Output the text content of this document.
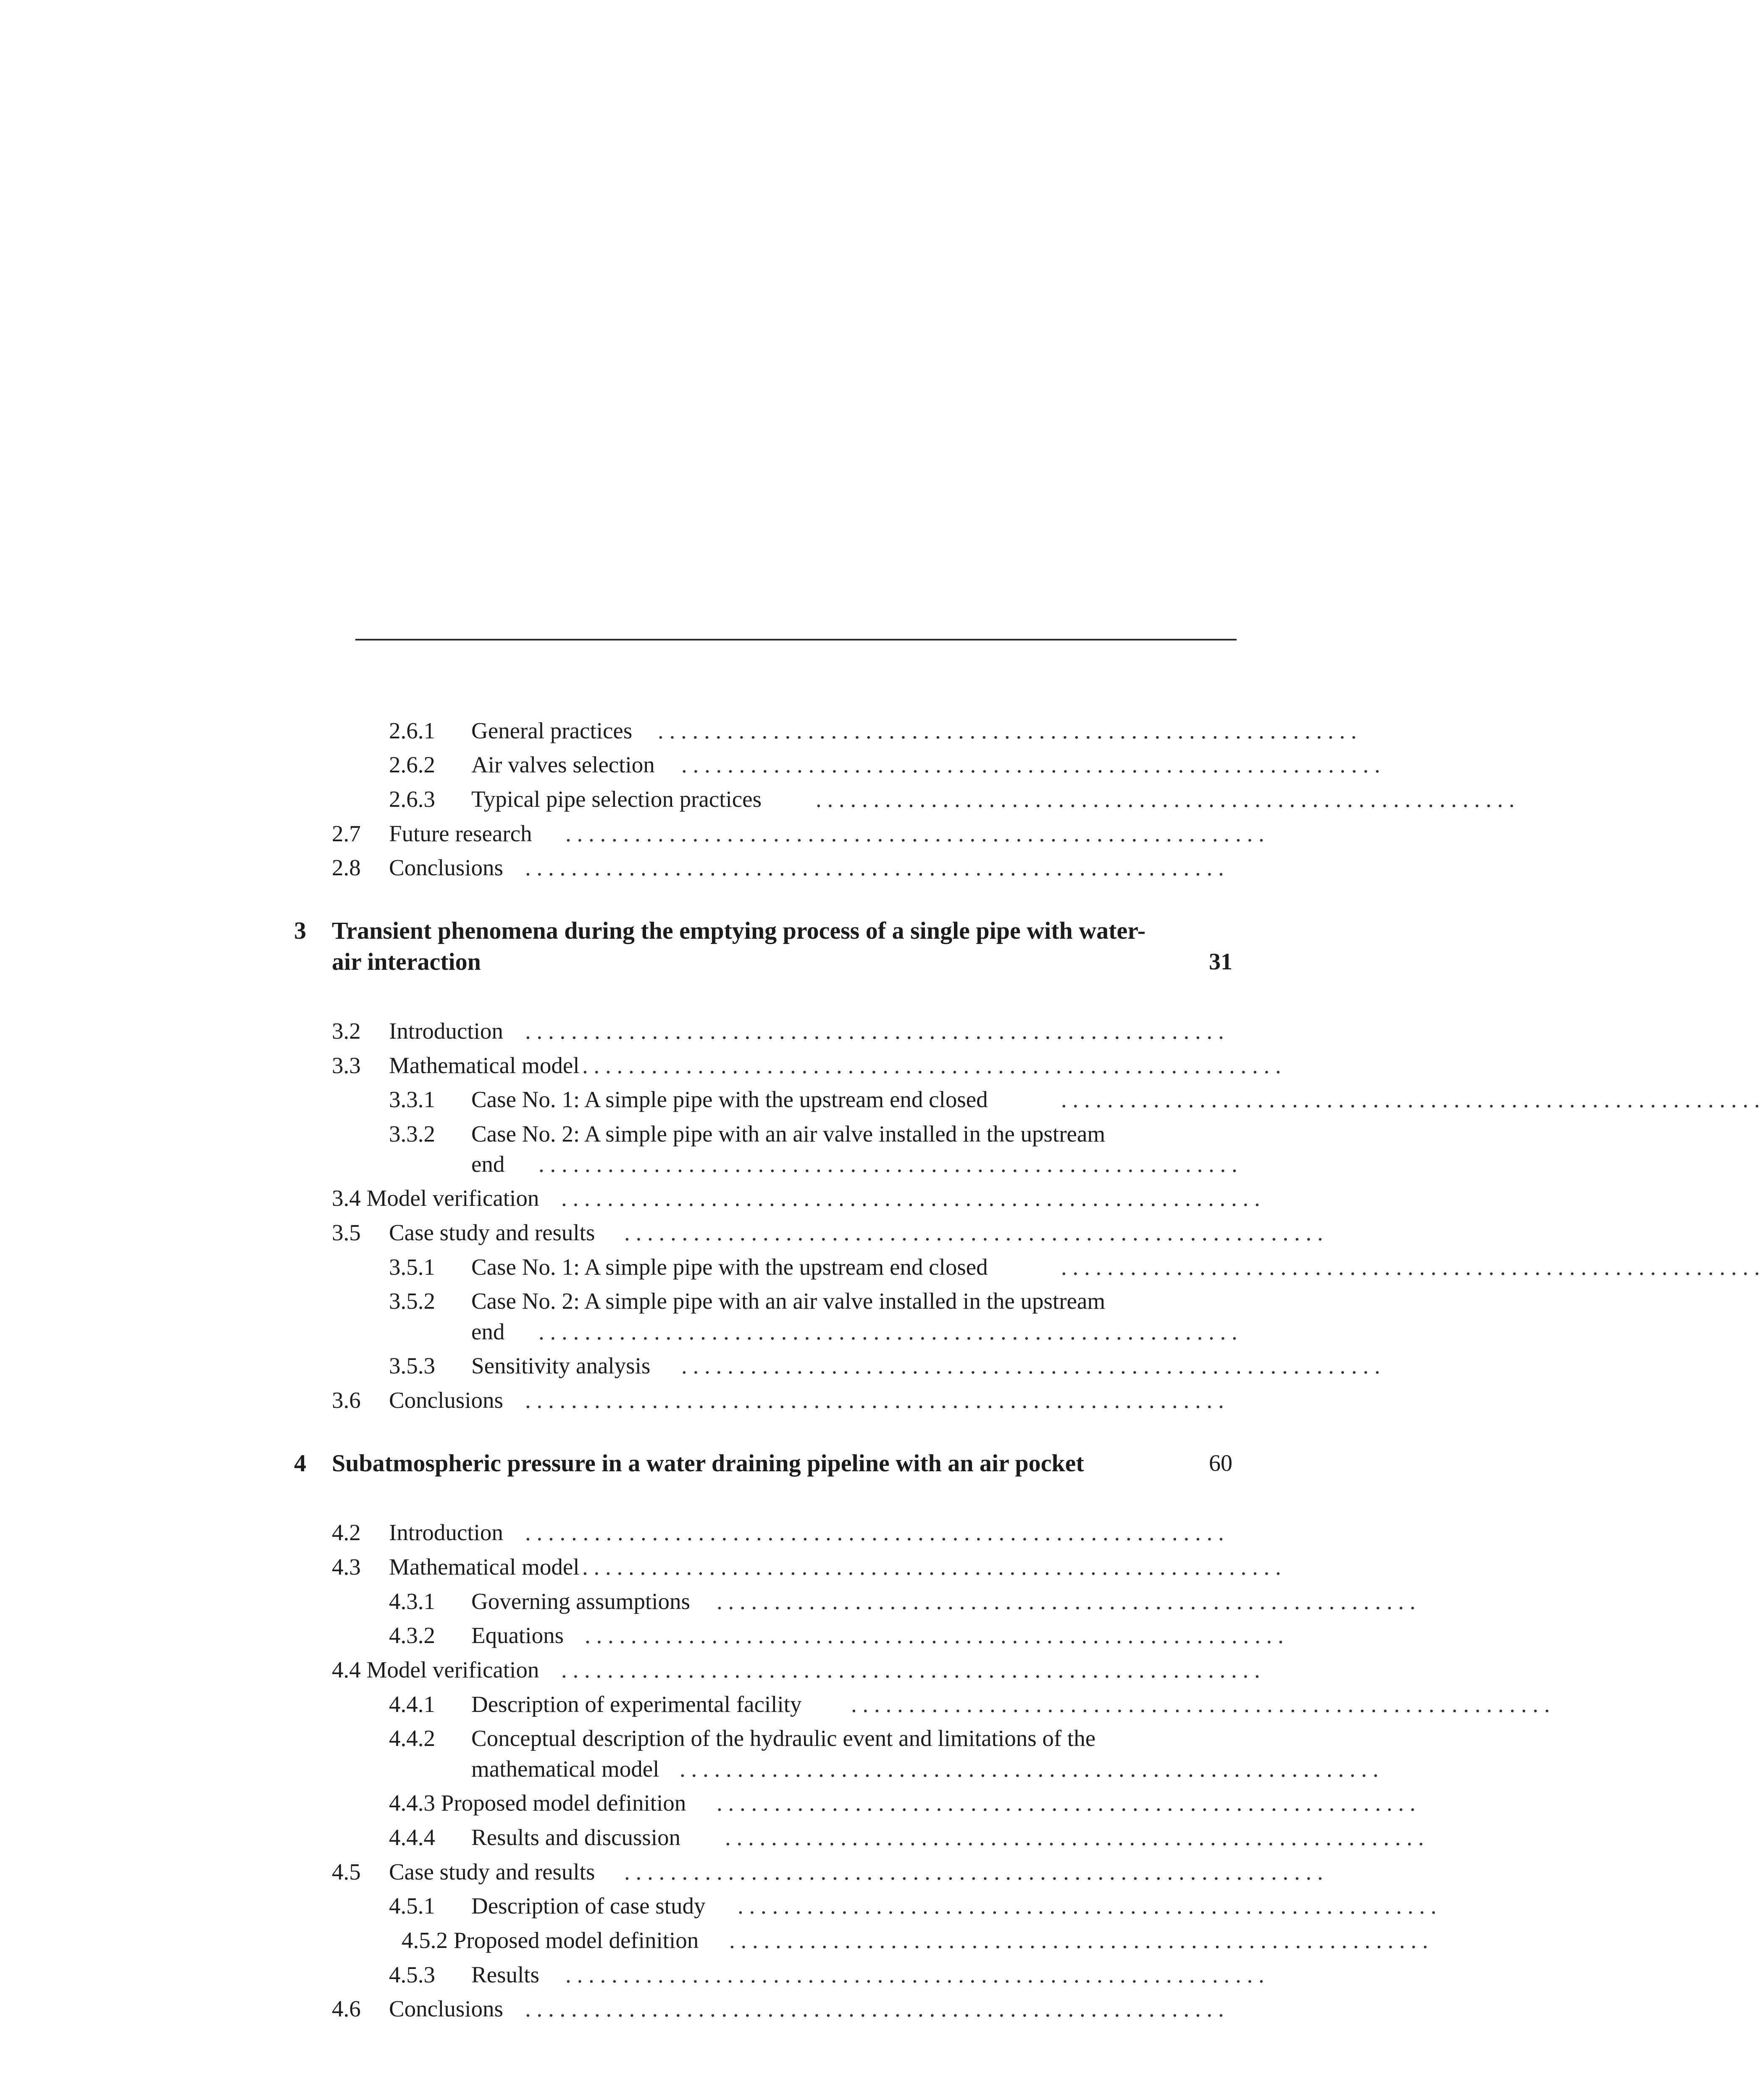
2.6.1 General practices . . . . . . . . . . . . . . . . . . . . . . . . . . . . . . . . . . . . . . . . . . . . . . . . . . . . . . . . . . . . .
2.6.2 Air valves selection . . . . . . . . . . . . . . . . . . . . . . . . . . . . . . . . . . . . . . . . . . . . . . . . . . . . . . . . . . . . .
2.6.3 Typical pipe selection practices . . . . . . . . . . . . . . . . . . . . . . . . . . . . . . . . . . . . . . . . . . . . . . . . . . . . . . . . . . . . .
2.7 Future research . . . . . . . . . . . . . . . . . . . . . . . . . . . . . . . . . . . . . . . . . . . . . . . . . . . . . . . . . . . . .
2.8 Conclusions . . . . . . . . . . . . . . . . . . . . . . . . . . . . . . . . . . . . . . . . . . . . . . . . . . . . . . . . . . . . .
3 Transient phenomena during the emptying process of a single pipe with water-
air interaction	31
3.2 Introduction . . . . . . . . . . . . . . . . . . . . . . . . . . . . . . . . . . . . . . . . . . . . . . . . . . . . . . . . . . . . .
3.3 Mathematical model . . . . . . . . . . . . . . . . . . . . . . . . . . . . . . . . . . . . . . . . . . . . . . . . . . . . . . . . . . . . .
3.3.1 Case No. 1: A simple pipe with the upstream end closed	. . . . . . . . . . . . . . . . . . . . . . . . . . . . . . . . . . . . . . . . . . . . . . . . . . . . . . . . . . . . .
3.3.2 Case No. 2: A simple pipe with an air valve installed in the upstream
end . . . . . . . . . . . . . . . . . . . . . . . . . . . . . . . . . . . . . . . . . . . . . . . . . . . . . . . . . . . . .
3.4 Model verification . . . . . . . . . . . . . . . . . . . . . . . . . . . . . . . . . . . . . . . . . . . . . . . . . . . . . . . . . . . . .
3.5 Case study and results . . . . . . . . . . . . . . . . . . . . . . . . . . . . . . . . . . . . . . . . . . . . . . . . . . . . . . . . . . . . .
3.5.1 Case No. 1: A simple pipe with the upstream end closed	. . . . . . . . . . . . . . . . . . . . . . . . . . . . . . . . . . . . . . . . . . . . . . . . . . . . . . . . . . . . .
3.5.2 Case No. 2: A simple pipe with an air valve installed in the upstream
end . . . . . . . . . . . . . . . . . . . . . . . . . . . . . . . . . . . . . . . . . . . . . . . . . . . . . . . . . . . . .
3.5.3 Sensitivity analysis . . . . . . . . . . . . . . . . . . . . . . . . . . . . . . . . . . . . . . . . . . . . . . . . . . . . . . . . . . . . .
3.6 Conclusions . . . . . . . . . . . . . . . . . . . . . . . . . . . . . . . . . . . . . . . . . . . . . . . . . . . . . . . . . . . . .
4 Subatmospheric pressure in a water draining pipeline with an air pocket	60
4.2 Introduction . . . . . . . . . . . . . . . . . . . . . . . . . . . . . . . . . . . . . . . . . . . . . . . . . . . . . . . . . . . . .
4.3 Mathematical model . . . . . . . . . . . . . . . . . . . . . . . . . . . . . . . . . . . . . . . . . . . . . . . . . . . . . . . . . . . . .
4.3.1 Governing assumptions . . . . . . . . . . . . . . . . . . . . . . . . . . . . . . . . . . . . . . . . . . . . . . . . . . . . . . . . . . . . .
4.3.2 Equations . . . . . . . . . . . . . . . . . . . . . . . . . . . . . . . . . . . . . . . . . . . . . . . . . . . . . . . . . . . . .
4.4 Model verification . . . . . . . . . . . . . . . . . . . . . . . . . . . . . . . . . . . . . . . . . . . . . . . . . . . . . . . . . . . . .
4.4.1 Description of experimental facility . . . . . . . . . . . . . . . . . . . . . . . . . . . . . . . . . . . . . . . . . . . . . . . . . . . . . . . . . . . . .
4.4.2 Conceptual description of the hydraulic event and limitations of the
mathematical model . . . . . . . . . . . . . . . . . . . . . . . . . . . . . . . . . . . . . . . . . . . . . . . . . . . . . . . . . . . . .
4.4.3 Proposed model definition . . . . . . . . . . . . . . . . . . . . . . . . . . . . . . . . . . . . . . . . . . . . . . . . . . . . . . . . . . . . .
4.4.4 Results and discussion . . . . . . . . . . . . . . . . . . . . . . . . . . . . . . . . . . . . . . . . . . . . . . . . . . . . . . . . . . . . .
4.5 Case study and results . . . . . . . . . . . . . . . . . . . . . . . . . . . . . . . . . . . . . . . . . . . . . . . . . . . . . . . . . . . . .
4.5.1 Description of case study . . . . . . . . . . . . . . . . . . . . . . . . . . . . . . . . . . . . . . . . . . . . . . . . . . . . . . . . . . . . .
4.5.2 Proposed model definition . . . . . . . . . . . . . . . . . . . . . . . . . . . . . . . . . . . . . . . . . . . . . . . . . . . . . . . . . . . . .
4.5.3 Results . . . . . . . . . . . . . . . . . . . . . . . . . . . . . . . . . . . . . . . . . . . . . . . . . . . . . . . . . . . . .
4.6 Conclusions . . . . . . . . . . . . . . . . . . . . . . . . . . . . . . . . . . . . . . . . . . . . . . . . . . . . . . . . . . . . .
